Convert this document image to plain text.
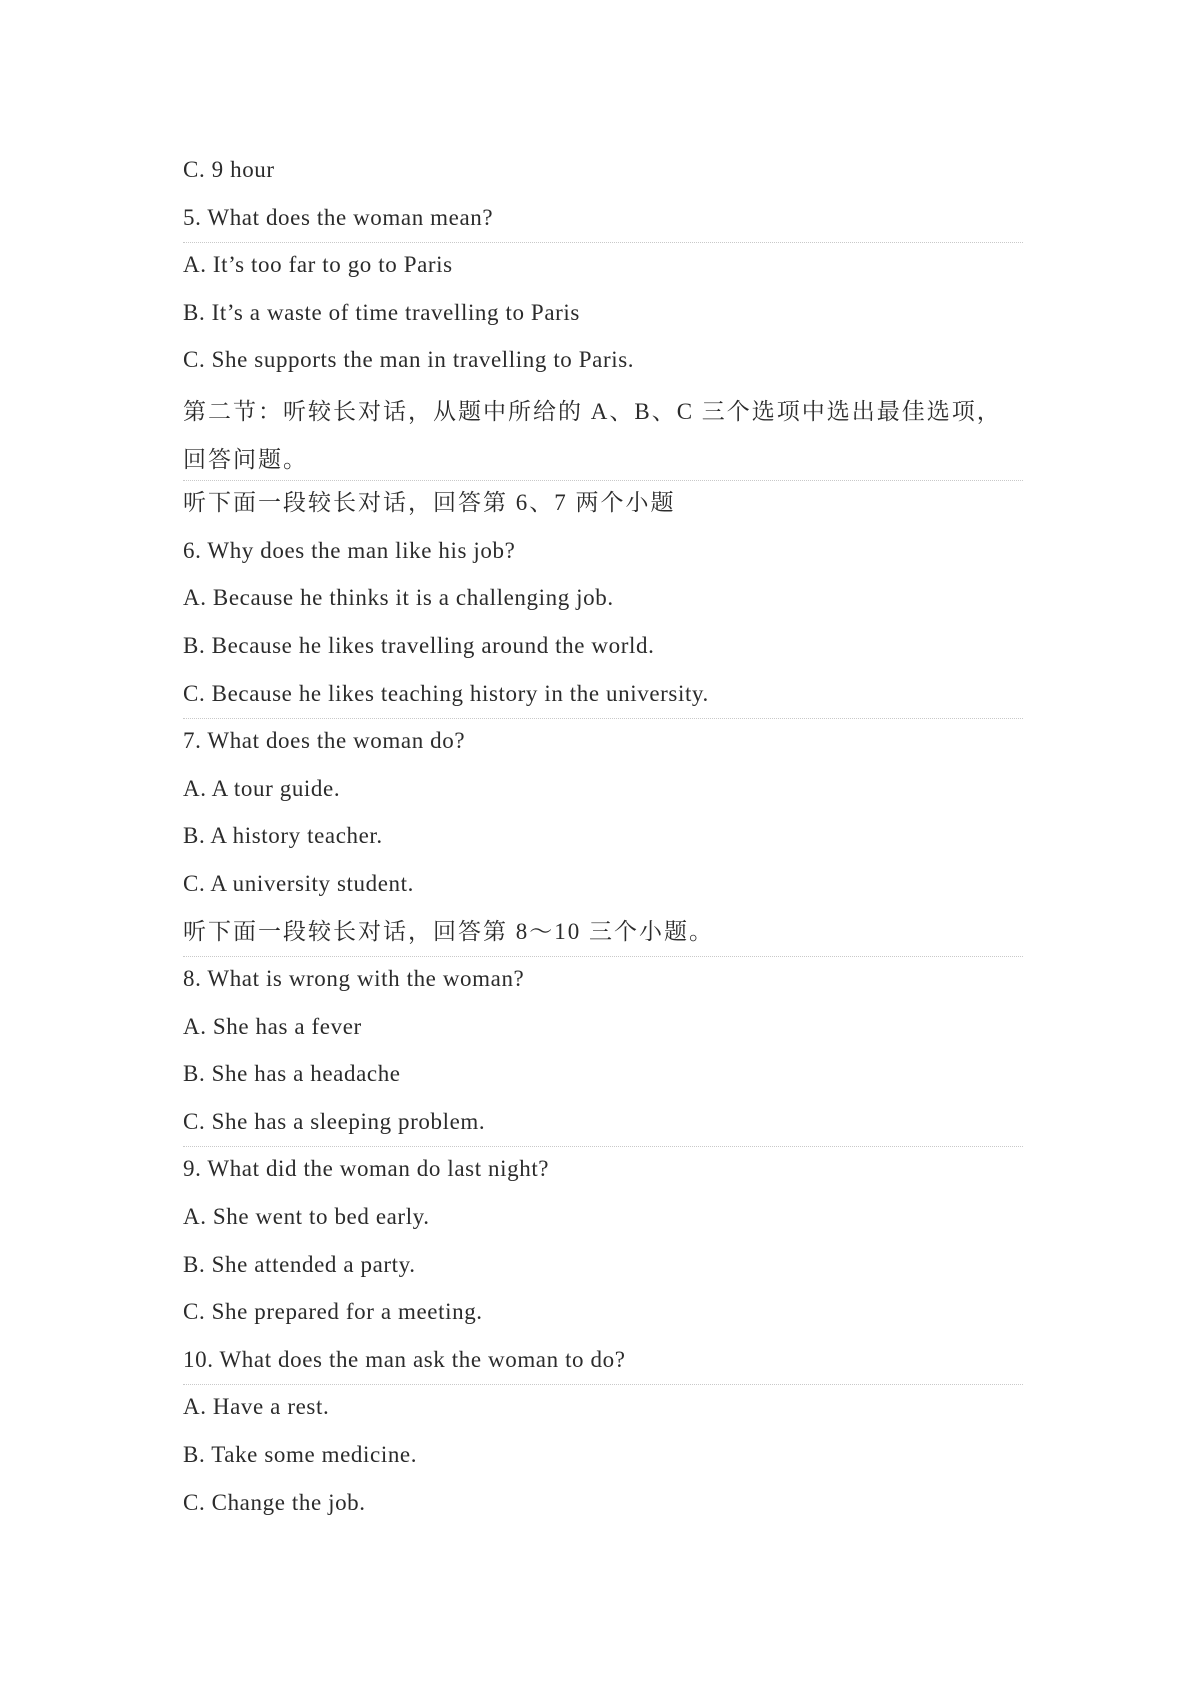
C. 9 hour
5. What does the woman mean?
A. It’s too far to go to Paris
B. It’s a waste of time travelling to Paris
C. She supports the man in travelling to Paris.
第二节：听较长对话，从题中所给的 A、B、C 三个选项中选出最佳选项，回答问题。
听下面一段较长对话，回答第 6、7 两个小题
6. Why does the man like his job?
A. Because he thinks it is a challenging job.
B. Because he likes travelling around the world.
C. Because he likes teaching history in the university.
7. What does the woman do?
A. A tour guide.
B. A history teacher.
C. A university student.
听下面一段较长对话，回答第 8～10 三个小题。
8. What is wrong with the woman?
A. She has a fever
B. She has a headache
C. She has a sleeping problem.
9. What did the woman do last night?
A. She went to bed early.
B. She attended a party.
C. She prepared for a meeting.
10. What does the man ask the woman to do?
A. Have a rest.
B. Take some medicine.
C. Change the job.
